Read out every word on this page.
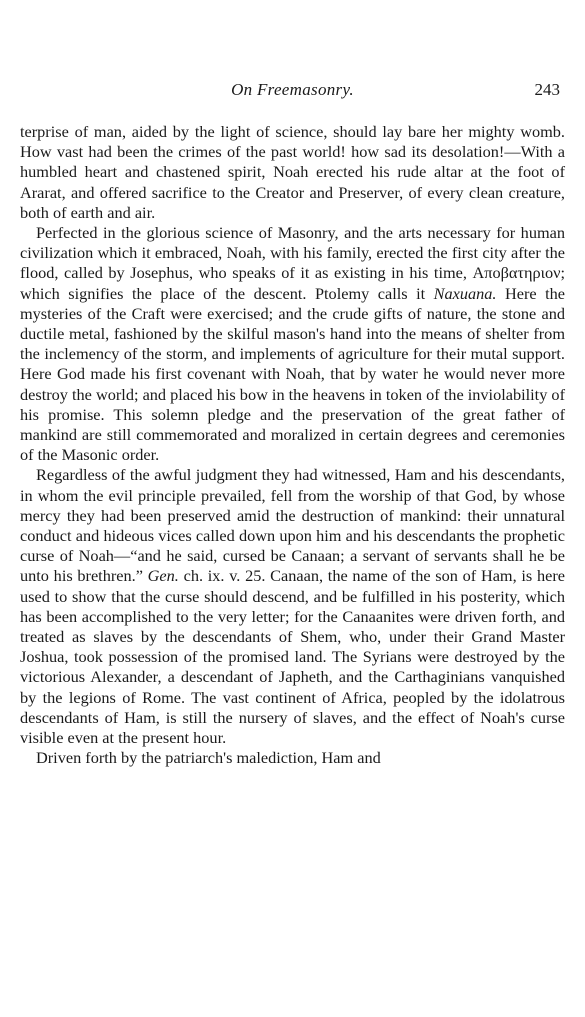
On Freemasonry.	243

terprise of man, aided by the light of science, should lay bare her mighty womb. How vast had been the crimes of the past world! how sad its desolation!—With a humbled heart and chastened spirit, Noah erected his rude altar at the foot of Ararat, and offered sacrifice to the Creator and Preserver, of every clean creature, both of earth and air.

Perfected in the glorious science of Masonry, and the arts necessary for human civilization which it embraced, Noah, with his family, erected the first city after the flood, called by Josephus, who speaks of it as existing in his time, Αποβατηριον; which signifies the place of the descent. Ptolemy calls it Naxuana. Here the mysteries of the Craft were exercised; and the crude gifts of nature, the stone and ductile metal, fashioned by the skilful mason's hand into the means of shelter from the inclemency of the storm, and implements of agriculture for their mutal support. Here God made his first covenant with Noah, that by water he would never more destroy the world; and placed his bow in the heavens in token of the inviolability of his promise. This solemn pledge and the preservation of the great father of mankind are still commemorated and moralized in certain degrees and ceremonies of the Masonic order.

Regardless of the awful judgment they had witnessed, Ham and his descendants, in whom the evil principle prevailed, fell from the worship of that God, by whose mercy they had been preserved amid the destruction of mankind: their unnatural conduct and hideous vices called down upon him and his descendants the prophetic curse of Noah—“and he said, cursed be Canaan; a servant of servants shall he be unto his brethren.” Gen. ch. ix. v. 25. Canaan, the name of the son of Ham, is here used to show that the curse should descend, and be fulfilled in his posterity, which has been accomplished to the very letter; for the Canaanites were driven forth, and treated as slaves by the descendants of Shem, who, under their Grand Master Joshua, took possession of the promised land. The Syrians were destroyed by the victorious Alexander, a descendant of Japheth, and the Carthaginians vanquished by the legions of Rome. The vast continent of Africa, peopled by the idolatrous descendants of Ham, is still the nursery of slaves, and the effect of Noah's curse visible even at the present hour.

Driven forth by the patriarch's malediction, Ham and
